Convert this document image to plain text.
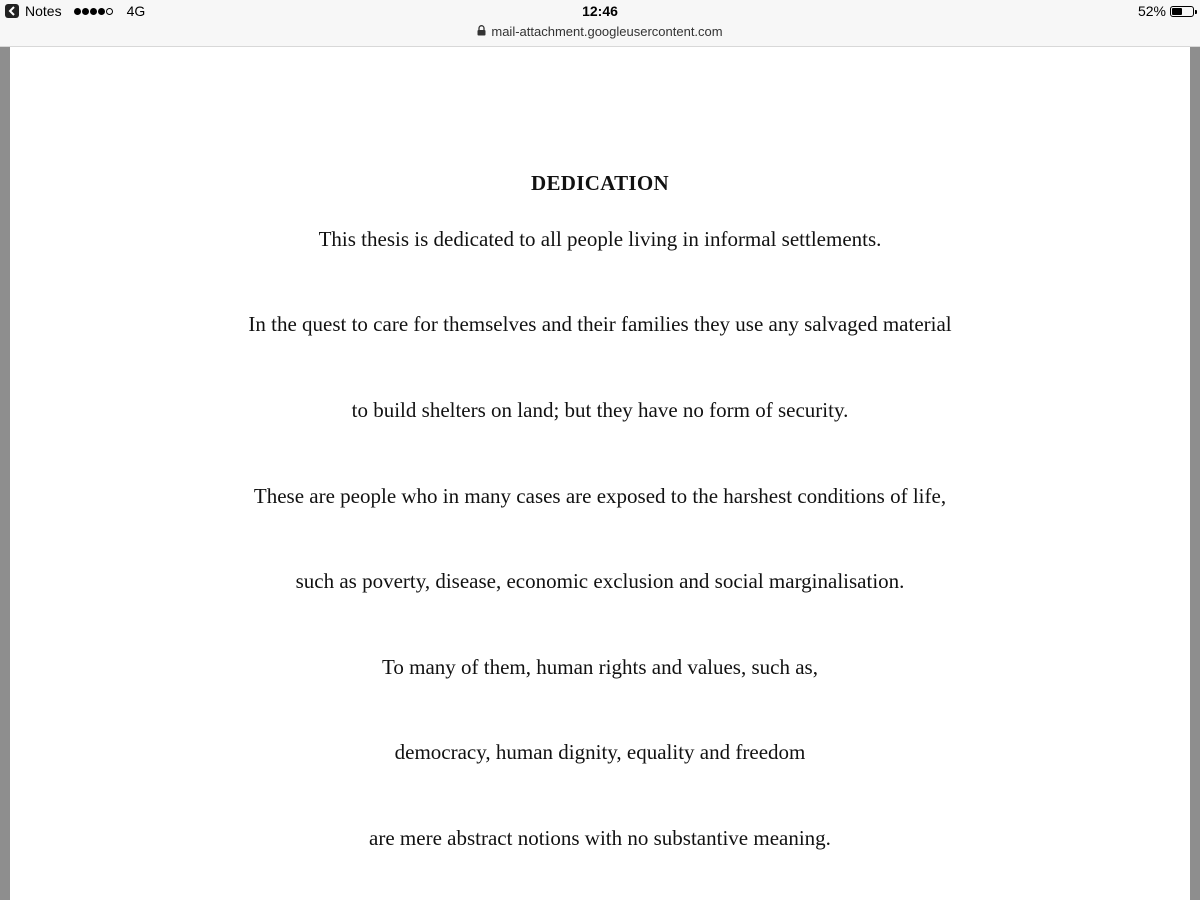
Notes	4G	12:46	52%
mail-attachment.googleusercontent.com
DEDICATION
This thesis is dedicated to all people living in informal settlements.
In the quest to care for themselves and their families they use any salvaged material
to build shelters on land; but they have no form of security.
These are people who in many cases are exposed to the harshest conditions of life,
such as poverty, disease, economic exclusion and social marginalisation.
To many of them, human rights and values, such as,
democracy, human dignity, equality and freedom
are mere abstract notions with no substantive meaning.
